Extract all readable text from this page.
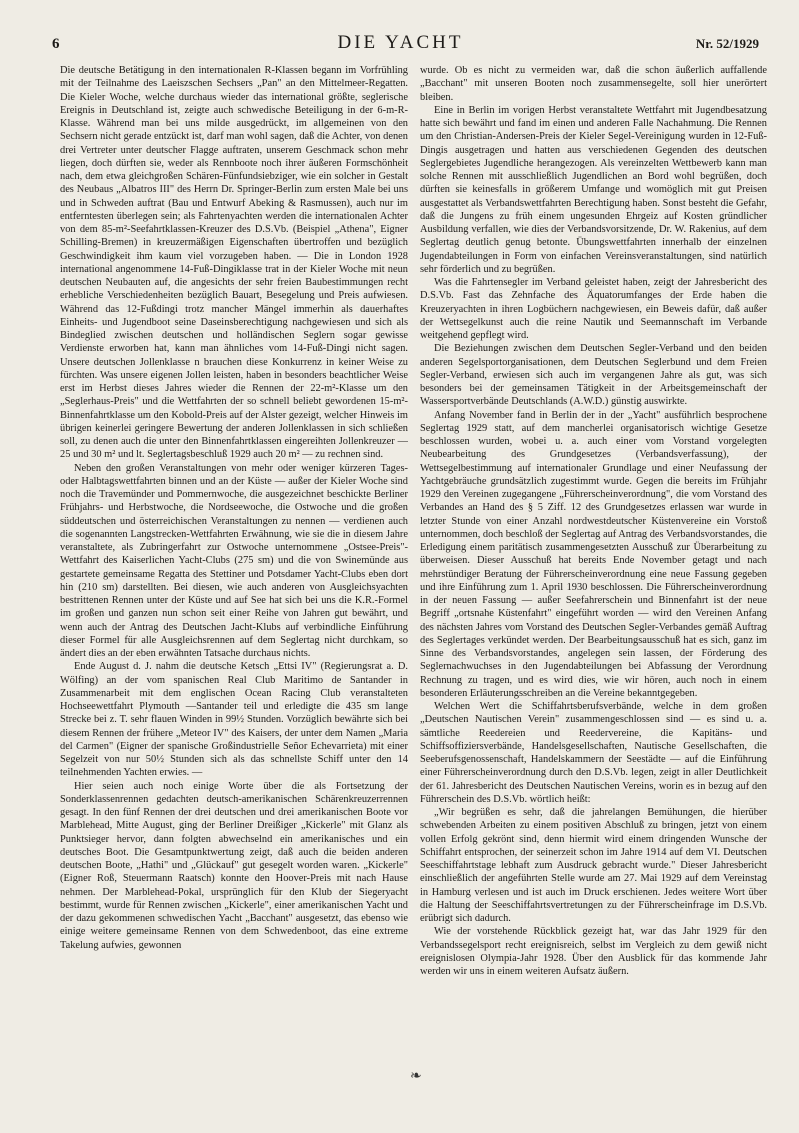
6	DIE YACHT	Nr. 52/1929

Die deutsche Betätigung in den internationalen R-Klassen begann im Vorfrühling mit der Teilnahme des Laeiszschen Sechsers „Pan" an den Mittelmeer-Regatten. Die Kieler Woche, welche durchaus wieder das international größte, seglerische Ereignis in Deutschland ist, zeigte auch schwedische Beteiligung in der 6-m-R-Klasse. Während man bei uns milde ausgedrückt, im allgemeinen von den Sechsern nicht gerade entzückt ist, darf man wohl sagen, daß die Achter, von denen drei Vertreter unter deutscher Flagge auftraten, unserem Geschmack schon mehr liegen, doch dürften sie, weder als Rennboote noch ihrer äußeren Formschönheit nach, dem etwa gleichgroßen Schären-Fünfundsiebziger, wie ein solcher in Gestalt des Neubaus „Albatros III" des Herrn Dr. Springer-Berlin zum ersten Male bei uns und in Schweden auftrat (Bau und Entwurf Abeking & Rasmussen), auch nur im entferntesten überlegen sein; als Fahrtenyachten werden die internationalen Achter von dem 85-m²-Seefahrtklassen-Kreuzer des D.S.Vb. (Beispiel „Athena", Eigner Schilling-Bremen) in kreuzermäßigen Eigenschaften übertroffen und bezüglich Geschwindigkeit ihm kaum viel vorzugeben haben. — Die in London 1928 international angenommene 14-Fuß-Dingiklasse trat in der Kieler Woche mit neun deutschen Neubauten auf, die angesichts der sehr freien Baubestimmungen recht erhebliche Verschiedenheiten bezüglich Bauart, Besegelung und Preis aufwiesen. Während das 12-Fußdingi trotz mancher Mängel immerhin als dauerhaftes Einheits- und Jugendboot seine Daseinsberechtigung nachgewiesen und sich als Bindeglied zwischen deutschen und holländischen Seglern sogar gewisse Verdienste erworben hat, kann man ähnliches vom 14-Fuß-Dingi nicht sagen. Unsere deutschen Jollenklasse n brauchen diese Konkurrenz in keiner Weise zu fürchten. Was unsere eigenen Jollen leisten, haben in besonders beachtlicher Weise erst im Herbst dieses Jahres wieder die Rennen der 22-m²-Klasse um den „Seglerhaus-Preis" und die Wettfahrten der so schnell beliebt gewordenen 15-m²-Binnenfahrtklasse um den Kobold-Preis auf der Alster gezeigt, welcher Hinweis im übrigen keinerlei geringere Bewertung der anderen Jollenklassen in sich schließen soll, zu denen auch die unter den Binnenfahrtklassen eingereihten Jollenkreuzer — 25 und 30 m² und lt. Seglertagsbeschluß 1929 auch 20 m² — zu rechnen sind.

Neben den großen Veranstaltungen von mehr oder weniger kürzeren Tages- oder Halbtagswettfahrten binnen und an der Küste — außer der Kieler Woche sind noch die Travemünder und Pommernwoche, die ausgezeichnet beschickte Berliner Frühjahrs- und Herbstwoche, die Nordseewoche, die Ostwoche und die großen süddeutschen und österreichischen Veranstaltungen zu nennen — verdienen auch die sogenannten Langstrecken-Wettfahrten Erwähnung, wie sie die in diesem Jahre veranstaltete, als Zubringerfahrt zur Ostwoche unternommene „Ostsee-Preis"-Wettfahrt des Kaiserlichen Yacht-Clubs (275 sm) und die von Swinemünde aus gestartete gemeinsame Regatta des Stettiner und Potsdamer Yacht-Clubs eben dort hin (210 sm) darstellten. Bei diesen, wie auch anderen von Ausgleichsyachten bestrittenen Rennen unter der Küste und auf See hat sich bei uns die K.R.-Formel im großen und ganzen nun schon seit einer Reihe von Jahren gut bewährt, und wenn auch der Antrag des Deutschen Jacht-Klubs auf verbindliche Einführung dieser Formel für alle Ausgleichsrennen auf dem Seglertag nicht durchkam, so ändert dies an der eben erwähnten Tatsache durchaus nichts.

Ende August d. J. nahm die deutsche Ketsch „Ettsi IV" (Regierungsrat a. D. Wölfing) an der vom spanischen Real Club Maritimo de Santander in Zusammenarbeit mit dem englischen Ocean Racing Club veranstalteten Hochseewettfahrt Plymouth —Santander teil und erledigte die 435 sm lange Strecke bei z. T. sehr flauen Winden in 99½ Stunden. Vorzüglich bewährte sich bei diesem Rennen der frühere „Meteor IV" des Kaisers, der unter dem Namen „Maria del Carmen" (Eigner der spanische Großindustrielle Señor Echevarrieta) mit einer Segelzeit von nur 50½ Stunden sich als das schnellste Schiff unter den 14 teilnehmenden Yachten erwies. —

Hier seien auch noch einige Worte über die als Fortsetzung der Sonderklassenrennen gedachten deutsch-amerikanischen Schärenkreuzerrennen gesagt. In den fünf Rennen der drei deutschen und drei amerikanischen Boote vor Marblehead, Mitte August, ging der Berliner Dreißiger „Kickerle" mit Glanz als Punktsieger hervor, dann folgten abwechselnd ein amerikanisches und ein deutsches Boot. Die Gesamtpunktwertung zeigt, daß auch die beiden anderen deutschen Boote, „Hathi" und „Glückauf" gut gesegelt worden waren. „Kickerle" (Eigner Roß, Steuermann Raatsch) konnte den Hoover-Preis mit nach Hause nehmen. Der Marblehead-Pokal, ursprünglich für den Klub der Siegeryacht bestimmt, wurde für Rennen zwischen „Kickerle", einer amerikanischen Yacht und der dazu gekommenen schwedischen Yacht „Bacchant" ausgesetzt, das ebenso wie einige weitere gemeinsame Rennen von dem Schwedenboot, das eine extreme Takelung aufwies, gewonnen

wurde. Ob es nicht zu vermeiden war, daß die schon äußerlich auffallende „Bacchant" mit unseren Booten noch zusammensegelte, soll hier unerörtert bleiben.

Eine in Berlin im vorigen Herbst veranstaltete Wettfahrt mit Jugendbesatzung hatte sich bewährt und fand im einen und anderen Falle Nachahmung. Die Rennen um den Christian-Andersen-Preis der Kieler Segel-Vereinigung wurden in 12-Fuß-Dingis ausgetragen und hatten aus verschiedenen Gegenden des deutschen Seglergebietes Jugendliche herangezogen. Als vereinzelten Wettbewerb kann man solche Rennen mit ausschließlich Jugendlichen an Bord wohl begrüßen, doch dürften sie keinesfalls in größerem Umfange und womöglich mit gut Preisen ausgestattet als Verbandswettfahrten Berechtigung haben. Sonst besteht die Gefahr, daß die Jungens zu früh einem ungesunden Ehrgeiz auf Kosten gründlicher Ausbildung verfallen, wie dies der Verbandsvorsitzende, Dr. W. Rakenius, auf dem Seglertag deutlich genug betonte. Übungswettfahrten innerhalb der einzelnen Jugendabteilungen in Form von einfachen Vereinsveranstaltungen, sind natürlich sehr förderlich und zu begrüßen.

Was die Fahrtensegler im Verband geleistet haben, zeigt der Jahresbericht des D.S.Vb. Fast das Zehnfache des Äquatorumfanges der Erde haben die Kreuzeryachten in ihren Logbüchern nachgewiesen, ein Beweis dafür, daß außer der Wettsegelkunst auch die reine Nautik und Seemannschaft im Verbande weitgehend gepflegt wird.

Die Beziehungen zwischen dem Deutschen Segler-Verband und den beiden anderen Segelsportorganisationen, dem Deutschen Seglerbund und dem Freien Segler-Verband, erwiesen sich auch im vergangenen Jahre als gut, was sich besonders bei der gemeinsamen Tätigkeit in der Arbeitsgemeinschaft der Wassersportverbände Deutschlands (A.W.D.) günstig auswirkte.

Anfang November fand in Berlin der in der „Yacht" ausführlich besprochene Seglertag 1929 statt, auf dem mancherlei organisatorisch wichtige Gesetze beschlossen wurden, wobei u. a. auch einer vom Vorstand vorgelegten Neubearbeitung des Grundgesetzes (Verbandsverfassung), der Wettsegelbestimmung auf internationaler Grundlage und einer Neufassung der Yachtgebräuche grundsätzlich zugestimmt wurde. Gegen die bereits im Frühjahr 1929 den Vereinen zugegangene „Führerscheinverordnung", die vom Vorstand des Verbandes an Hand des § 5 Ziff. 12 des Grundgesetzes erlassen war wurde in letzter Stunde von einer Anzahl nordwestdeutscher Küstenvereine ein Vorstoß unternommen, doch beschloß der Seglertag auf Antrag des Verbandsvorstandes, die Erledigung einem paritätisch zusammengesetzten Ausschuß zur Überarbeitung zu überweisen. Dieser Ausschuß hat bereits Ende November getagt und nach mehrstündiger Beratung der Führerscheinverordnung eine neue Fassung gegeben und ihre Einführung zum 1. April 1930 beschlossen. Die Führerscheinverordnung in der neuen Fassung — außer Seefahrerschein und Binnenfahrt ist der neue Begriff „ortsnahe Küstenfahrt" eingeführt worden — wird den Vereinen Anfang des nächsten Jahres vom Vorstand des Deutschen Segler-Verbandes gemäß Auftrag des Seglertages verkündet werden. Der Bearbeitungsausschuß hat es sich, ganz im Sinne des Verbandsvorstandes, angelegen sein lassen, der Förderung des Seglernachwuchses in den Jugendabteilungen bei Abfassung der Verordnung Rechnung zu tragen, und es wird dies, wie wir hören, auch noch in einem besonderen Erläuterungsschreiben an die Vereine bekanntgegeben.

Welchen Wert die Schiffahrtsberufsverbände, welche in dem großen „Deutschen Nautischen Verein" zusammengeschlossen sind — es sind u. a. sämtliche Reedereien und Reedervereine, die Kapitäns- und Schiffsoffiziersverbände, Handelsgesellschaften, Nautische Gesellschaften, die Seeberufsgenossenschaft, Handelskammern der Seestädte — auf die Einführung einer Führerscheinverordnung durch den D.S.Vb. legen, zeigt in aller Deutlichkeit der 61. Jahresbericht des Deutschen Nautischen Vereins, worin es in bezug auf den Führerschein des D.S.Vb. wörtlich heißt:

„Wir begrüßen es sehr, daß die jahrelangen Bemühungen, die hierüber schwebenden Arbeiten zu einem positiven Abschluß zu bringen, jetzt von einem vollen Erfolg gekrönt sind, denn hiermit wird einem dringenden Wunsche der Schiffahrt entsprochen, der seinerzeit schon im Jahre 1914 auf dem VI. Deutschen Seeschiffahrtstage lebhaft zum Ausdruck gebracht wurde." Dieser Jahresbericht einschließlich der angeführten Stelle wurde am 27. Mai 1929 auf dem Vereinstag in Hamburg verlesen und ist auch im Druck erschienen. Jedes weitere Wort über die Haltung der Seeschiffahrtsvertretungen zu der Führerscheinfrage im D.S.Vb. erübrigt sich dadurch.

Wie der vorstehende Rückblick gezeigt hat, war das Jahr 1929 für den Verbandssegelsport recht ereignisreich, selbst im Vergleich zu dem gewiß nicht ereignislosen Olympia-Jahr 1928. Über den Ausblick für das kommende Jahr werden wir uns in einem weiteren Aufsatz äußern.

❧
